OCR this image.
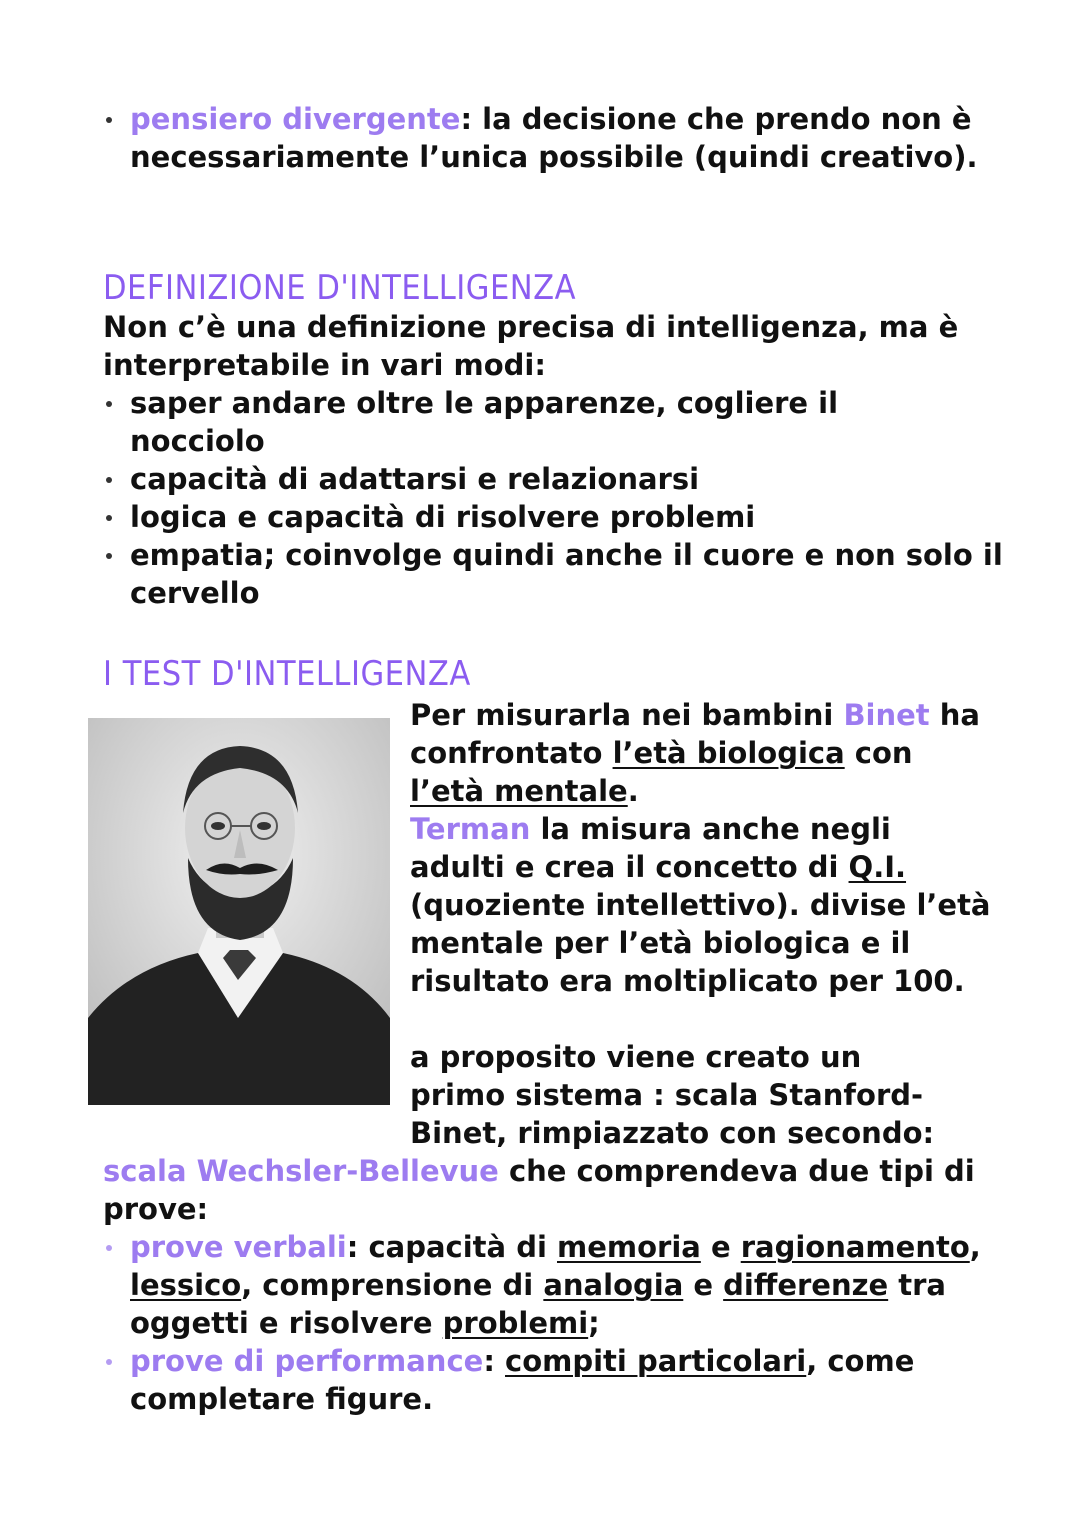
pensiero divergente: la decisione che prendo non è
necessariamente l’unica possibile (quindi creativo).
DEFINIZIONE D'INTELLIGENZA
Non c’è una definizione precisa di intelligenza, ma è
interpretabile in vari modi:
saper andare oltre le apparenze, cogliere il
nocciolo
capacità di adattarsi e relazionarsi
logica e capacità di risolvere problemi
empatia; coinvolge quindi anche il cuore e non solo il
cervello
I TEST D'INTELLIGENZA
Per misurarla nei bambini Binet ha
confrontato l’età biologica con
l’età mentale.
Terman la misura anche negli
adulti e crea il concetto di Q.I.
(quoziente intellettivo). divise l’età
mentale per l’età biologica e il
risultato era moltiplicato per 100.
a proposito viene creato un
primo sistema : scala Stanford-
Binet, rimpiazzato con secondo:
scala Wechsler-Bellevue che comprendeva due tipi di
prove:
prove verbali: capacità di memoria e ragionamento,
lessico, comprensione di analogia e differenze tra
oggetti e risolvere problemi;
prove di performance: compiti particolari, come
completare figure.
